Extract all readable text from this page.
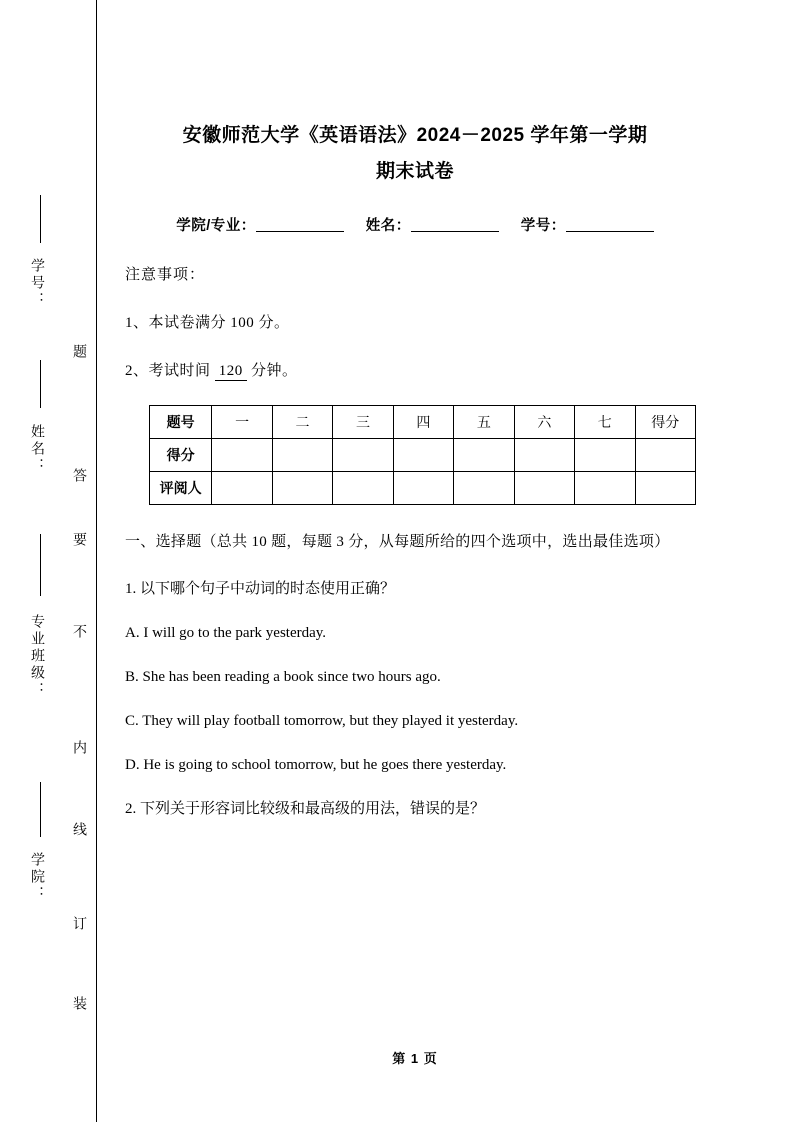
学号：
姓名：
专业班级：
学院：
题
答
要
不
内
线
订
装
安徽师范大学《英语语法》2024－2025 学年第一学期
期末试卷
学院/专业：	姓名：	学号：
注意事项：
1、本试卷满分 100 分。
2、考试时间 120 分钟。
题号	一	二	三	四	五	六	七	得分
得分								
评阅人								
一、选择题（总共 10 题，每题 3 分，从每题所给的四个选项中，选出最佳选项）
1. 以下哪个句子中动词的时态使用正确？
A. I will go to the park yesterday.
B. She has been reading a book since two hours ago.
C. They will play football tomorrow, but they played it yesterday.
D. He is going to school tomorrow, but he goes there yesterday.
2. 下列关于形容词比较级和最高级的用法，错误的是？
第 1 页
